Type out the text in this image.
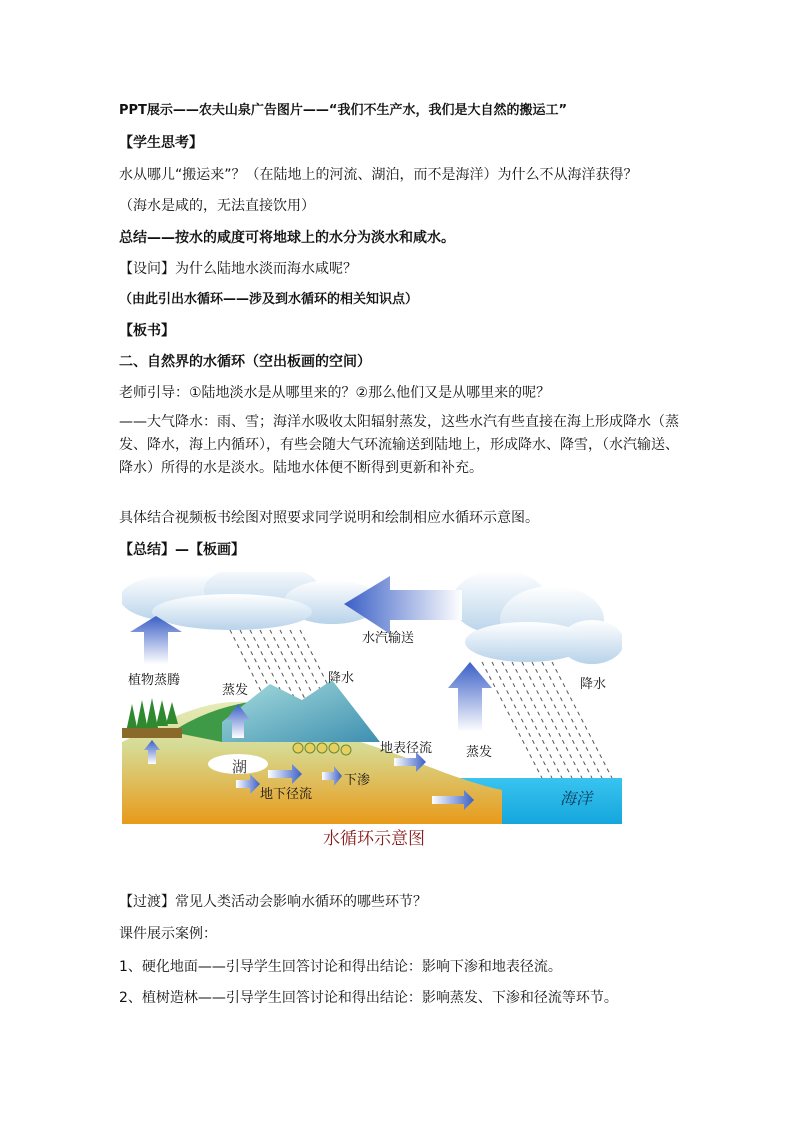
PPT展示——农夫山泉广告图片——“我们不生产水，我们是大自然的搬运工”
【学生思考】
水从哪儿“搬运来”？（在陆地上的河流、湖泊，而不是海洋）为什么不从海洋获得？
（海水是咸的，无法直接饮用）
总结——按水的咸度可将地球上的水分为淡水和咸水。
【设问】为什么陆地水淡而海水咸呢？
（由此引出水循环——涉及到水循环的相关知识点）
【板书】
二、自然界的水循环（空出板画的空间）
老师引导：①陆地淡水是从哪里来的？②那么他们又是从哪里来的呢？
——大气降水：雨、雪；海洋水吸收太阳辐射蒸发，这些水汽有些直接在海上形成降水（蒸发、降水，海上内循环），有些会随大气环流输送到陆地上，形成降水、降雪，（水汽输送、降水）所得的水是淡水。陆地水体便不断得到更新和补充。
具体结合视频板书绘图对照要求同学说明和绘制相应水循环示意图。
【总结】—【板画】
水汽输送
植物蒸腾
蒸发
降水	降水
地表径流	蒸发
湖
下渗
地下径流	海洋
水循环示意图
【过渡】常见人类活动会影响水循环的哪些环节？
课件展示案例：
1、硬化地面——引导学生回答讨论和得出结论：影响下渗和地表径流。
2、植树造林——引导学生回答讨论和得出结论：影响蒸发、下渗和径流等环节。
